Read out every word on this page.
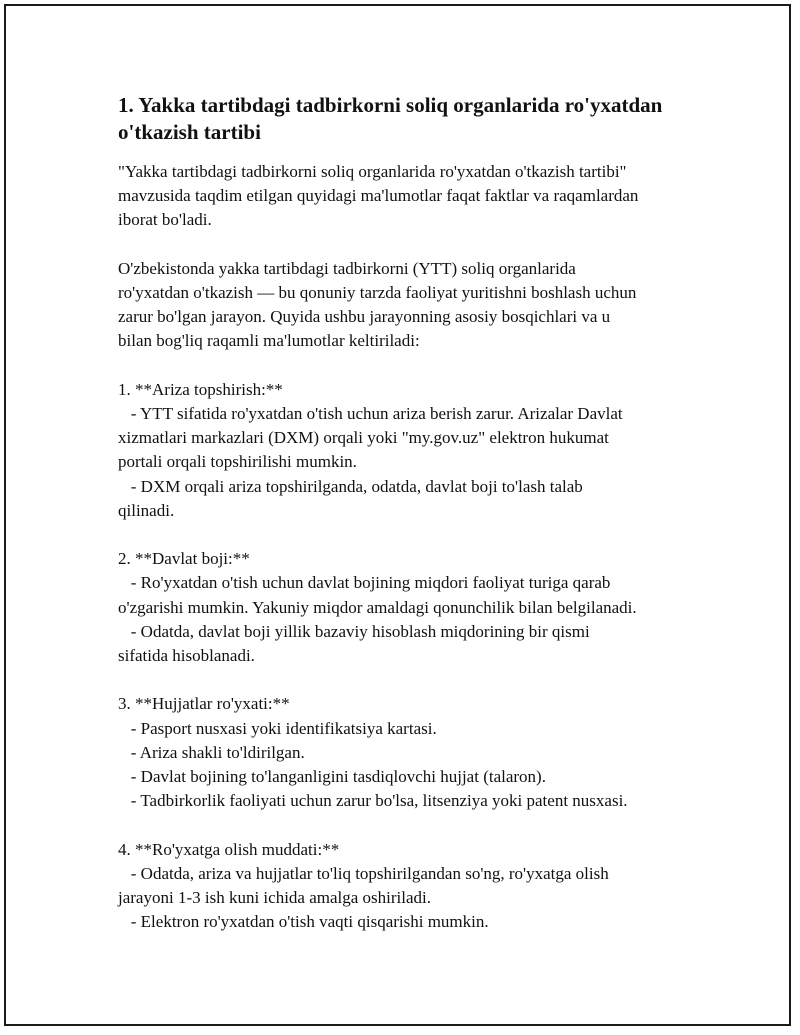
1. Yakka tartibdagi tadbirkorni soliq organlarida ro'yxatdan o'tkazish tartibi

"Yakka tartibdagi tadbirkorni soliq organlarida ro'yxatdan o'tkazish tartibi"
mavzusida taqdim etilgan quyidagi ma'lumotlar faqat faktlar va raqamlardan
iborat bo'ladi.

O'zbekistonda yakka tartibdagi tadbirkorni (YTT) soliq organlarida
ro'yxatdan o'tkazish — bu qonuniy tarzda faoliyat yuritishni boshlash uchun
zarur bo'lgan jarayon. Quyida ushbu jarayonning asosiy bosqichlari va u
bilan bog'liq raqamli ma'lumotlar keltiriladi:

1. **Ariza topshirish:**
- YTT sifatida ro'yxatdan o'tish uchun ariza berish zarur. Arizalar Davlat
xizmatlari markazlari (DXM) orqali yoki "my.gov.uz" elektron hukumat
portali orqali topshirilishi mumkin.
- DXM orqali ariza topshirilganda, odatda, davlat boji to'lash talab
qilinadi.

2. **Davlat boji:**
- Ro'yxatdan o'tish uchun davlat bojining miqdori faoliyat turiga qarab
o'zgarishi mumkin. Yakuniy miqdor amaldagi qonunchilik bilan belgilanadi.
- Odatda, davlat boji yillik bazaviy hisoblash miqdorining bir qismi
sifatida hisoblanadi.

3. **Hujjatlar ro'yxati:**
- Pasport nusxasi yoki identifikatsiya kartasi.
- Ariza shakli to'ldirilgan.
- Davlat bojining to'langanligini tasdiqlovchi hujjat (talaron).
- Tadbirkorlik faoliyati uchun zarur bo'lsa, litsenziya yoki patent nusxasi.

4. **Ro'yxatga olish muddati:**
- Odatda, ariza va hujjatlar to'liq topshirilgandan so'ng, ro'yxatga olish
jarayoni 1-3 ish kuni ichida amalga oshiriladi.
- Elektron ro'yxatdan o'tish vaqti qisqarishi mumkin.
